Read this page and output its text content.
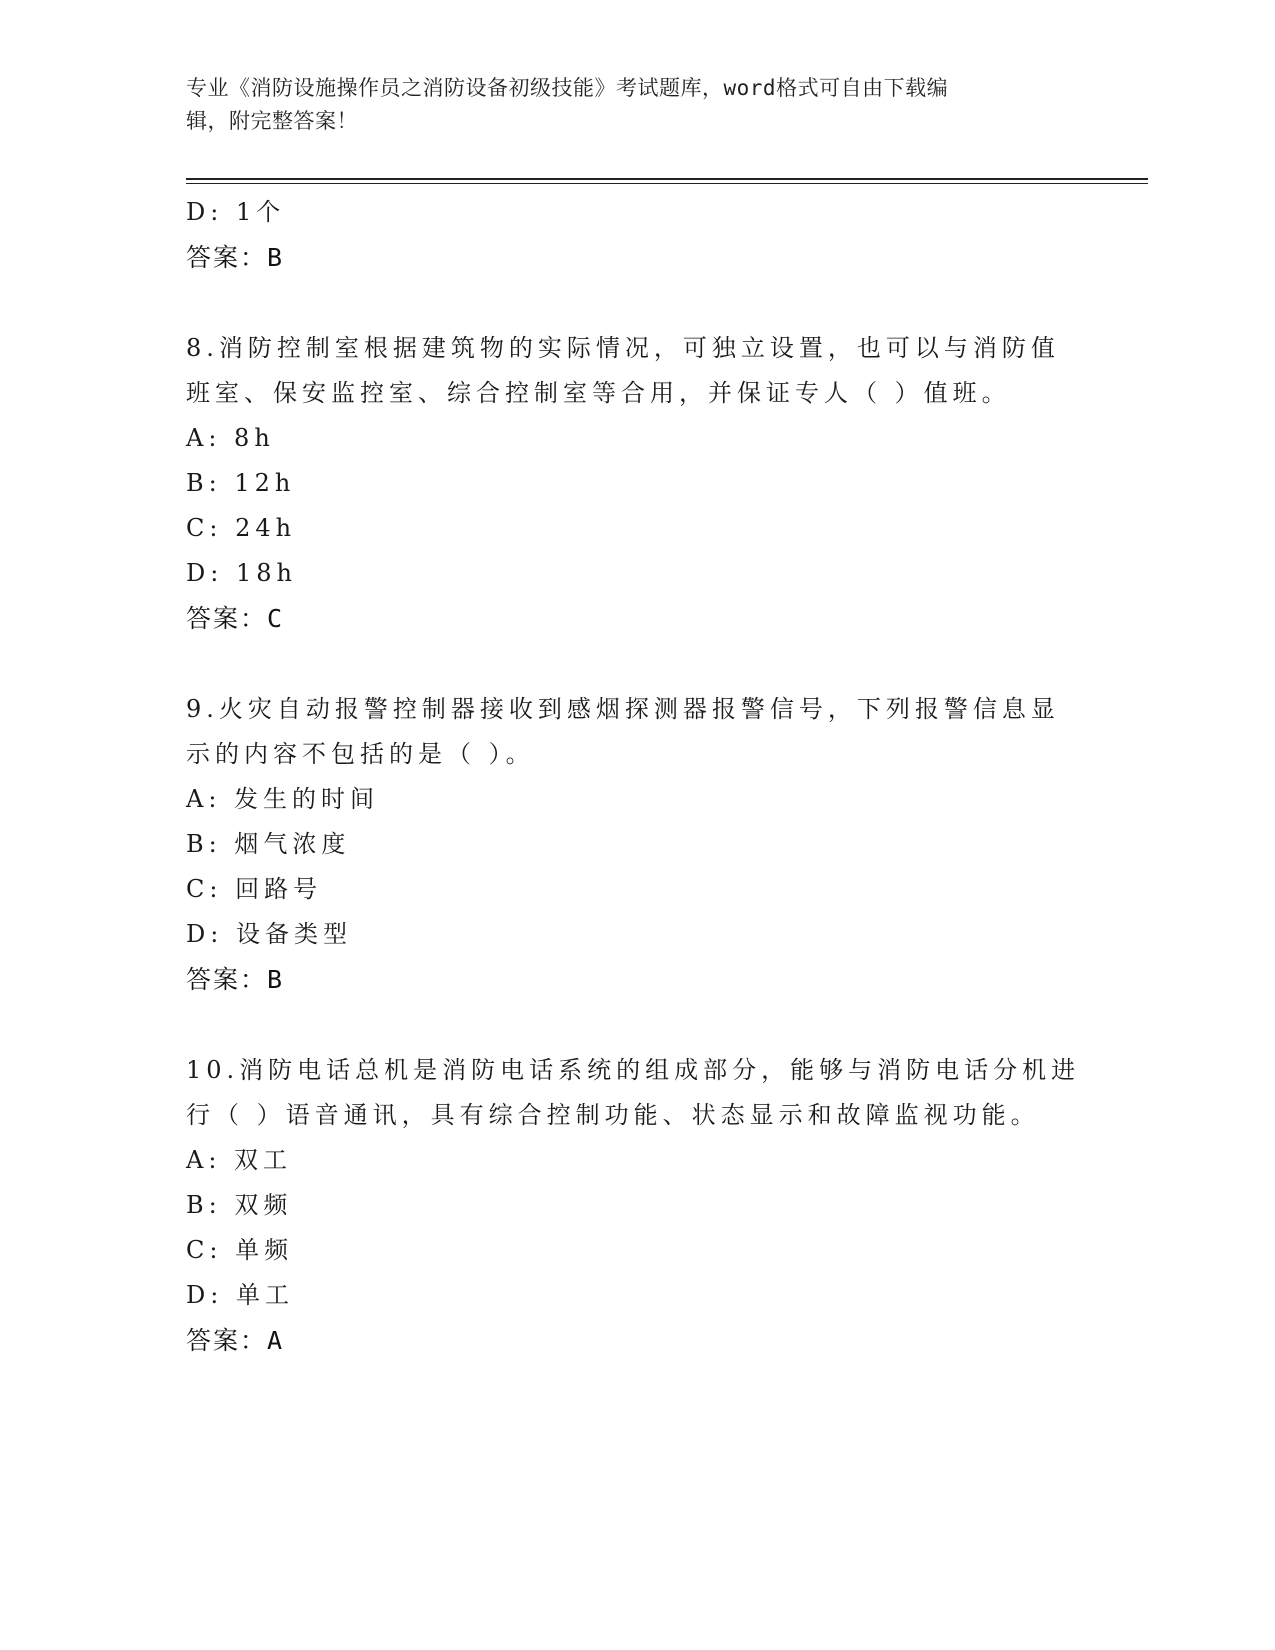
专业《消防设施操作员之消防设备初级技能》考试题库，word格式可自由下载编
辑，附完整答案！
D: 1个
答案：B
8.消防控制室根据建筑物的实际情况，可独立设置，也可以与消防值
班室、保安监控室、综合控制室等合用，并保证专人（ ）值班。
A: 8h
B: 12h
C: 24h
D: 18h
答案：C
9.火灾自动报警控制器接收到感烟探测器报警信号，下列报警信息显
示的内容不包括的是（ ）。
A: 发生的时间
B: 烟气浓度
C: 回路号
D: 设备类型
答案：B
10.消防电话总机是消防电话系统的组成部分，能够与消防电话分机进
行（ ）语音通讯，具有综合控制功能、状态显示和故障监视功能。
A: 双工
B: 双频
C: 单频
D: 单工
答案：A
